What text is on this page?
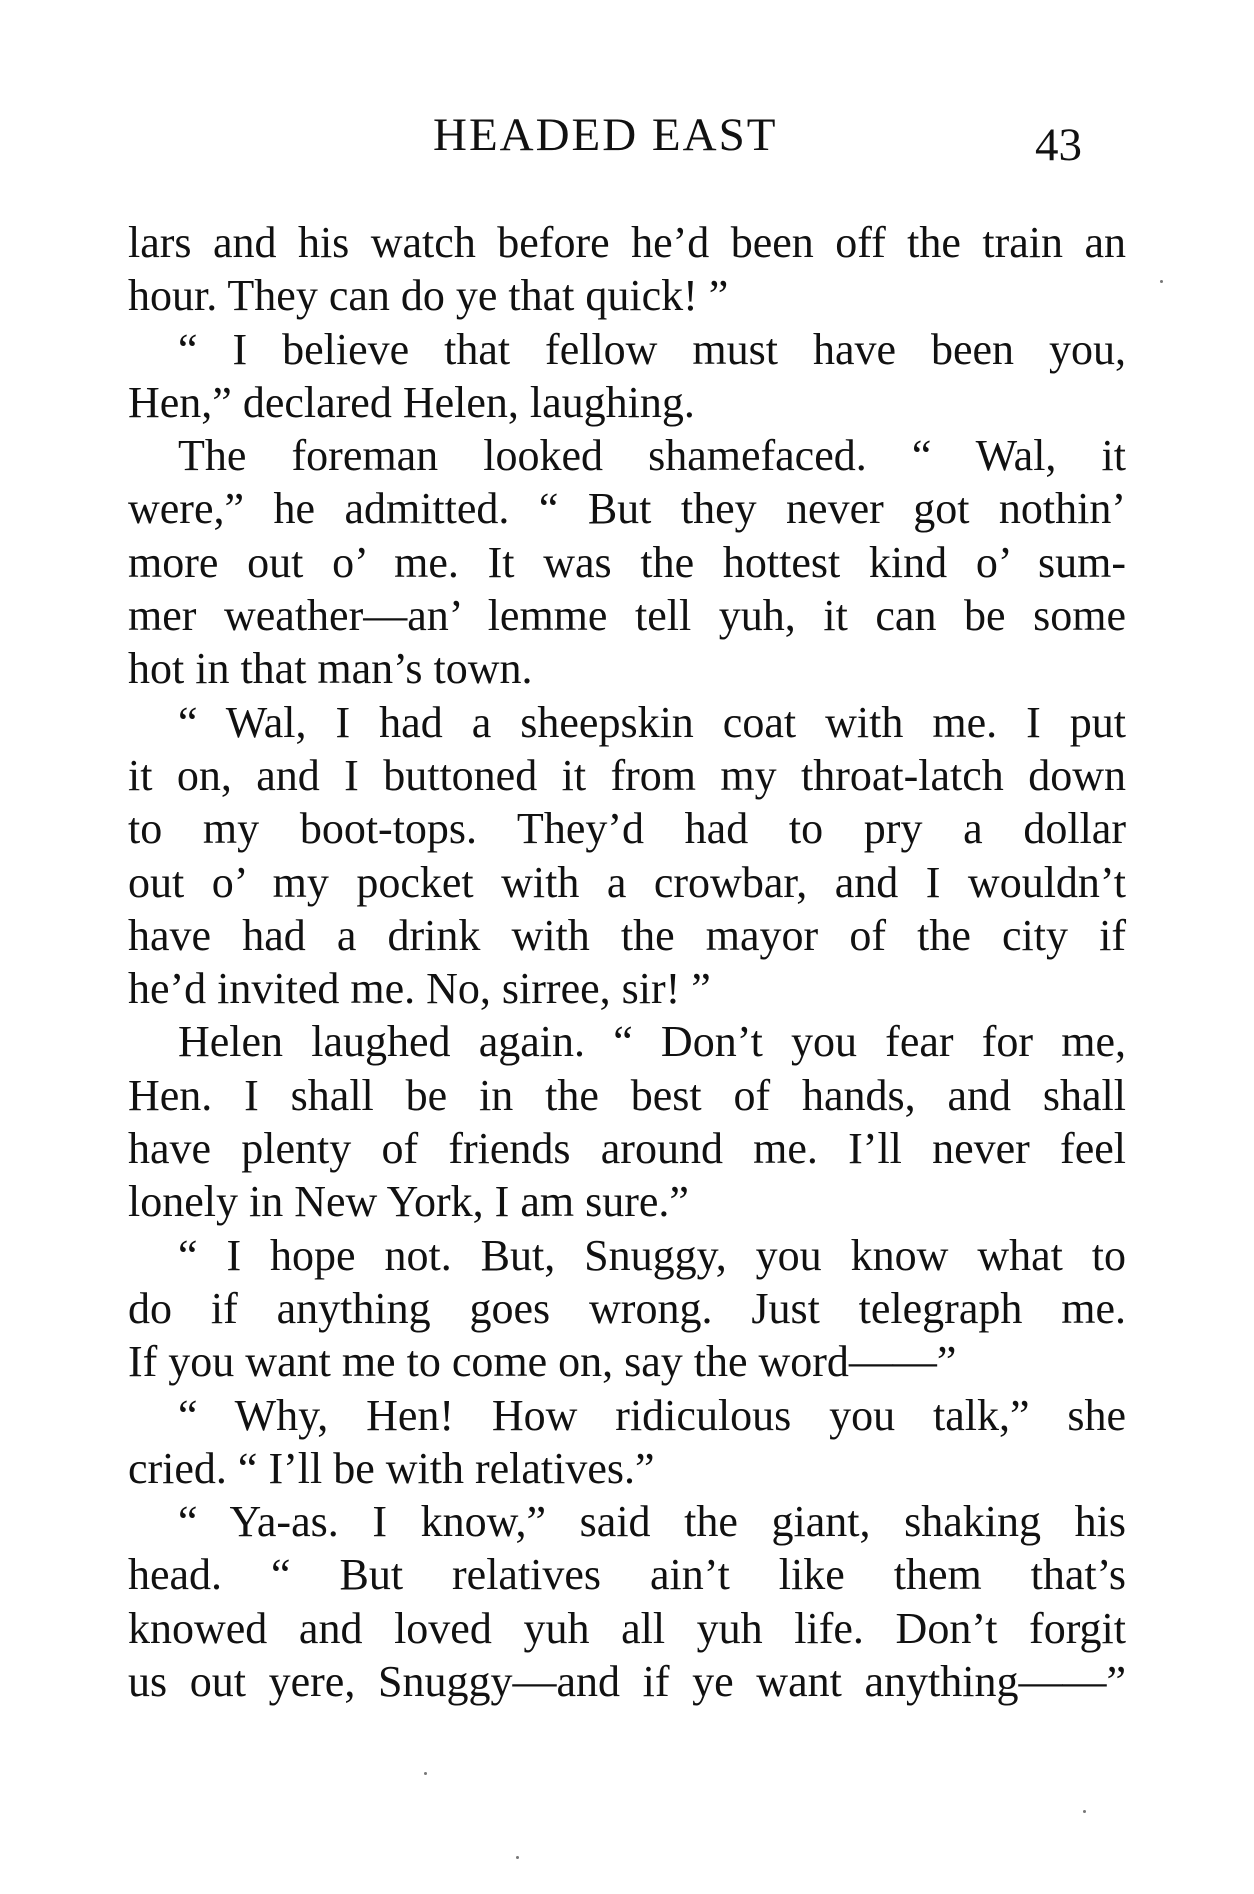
HEADED EAST	43
lars and his watch before he’d been off the train an
hour. They can do ye that quick! ”
“ I believe that fellow must have been you,
Hen,” declared Helen, laughing.
The foreman looked shamefaced. “ Wal, it
were,” he admitted. “ But they never got nothin’
more out o’ me. It was the hottest kind o’ sum-
mer weather—an’ lemme tell yuh, it can be some
hot in that man’s town.
“ Wal, I had a sheepskin coat with me. I put
it on, and I buttoned it from my throat-latch down
to my boot-tops. They’d had to pry a dollar
out o’ my pocket with a crowbar, and I wouldn’t
have had a drink with the mayor of the city if
he’d invited me. No, sirree, sir! ”
Helen laughed again. “ Don’t you fear for me,
Hen. I shall be in the best of hands, and shall
have plenty of friends around me. I’ll never feel
lonely in New York, I am sure.”
“ I hope not. But, Snuggy, you know what to
do if anything goes wrong. Just telegraph me.
If you want me to come on, say the word——”
“ Why, Hen! How ridiculous you talk,” she
cried. “ I’ll be with relatives.”
“ Ya-as. I know,” said the giant, shaking his
head. “ But relatives ain’t like them that’s
knowed and loved yuh all yuh life. Don’t forgit
us out yere, Snuggy—and if ye want anything——”
